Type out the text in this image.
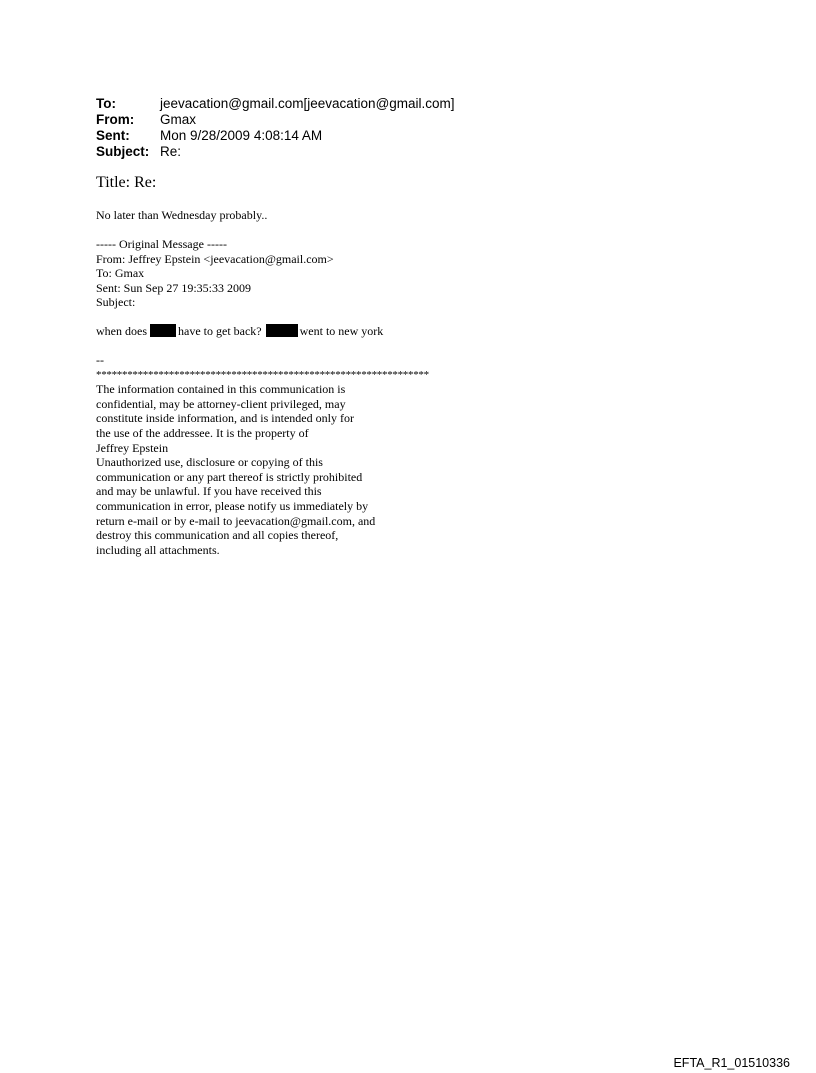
To:	jeevacation@gmail.com[jeevacation@gmail.com]
From:	Gmax
Sent:	Mon 9/28/2009 4:08:14 AM
Subject: Re:
Title: Re:
No later than Wednesday probably..
----- Original Message -----
From: Jeffrey Epstein <jeevacation@gmail.com>
To: Gmax
Sent: Sun Sep 27 19:35:33 2009
Subject:
when does	have to get back?	went to new york
--
****************************************************************
The information contained in this communication is
confidential, may be attorney-client privileged, may
constitute inside information, and is intended only for
the use of the addressee. It is the property of
Jeffrey Epstein
Unauthorized use, disclosure or copying of this
communication or any part thereof is strictly prohibited
and may be unlawful. If you have received this
communication in error, please notify us immediately by
return e-mail or by e-mail to jeevacation@gmail.com, and
destroy this communication and all copies thereof,
including all attachments.
EFTA_R1_01510336
